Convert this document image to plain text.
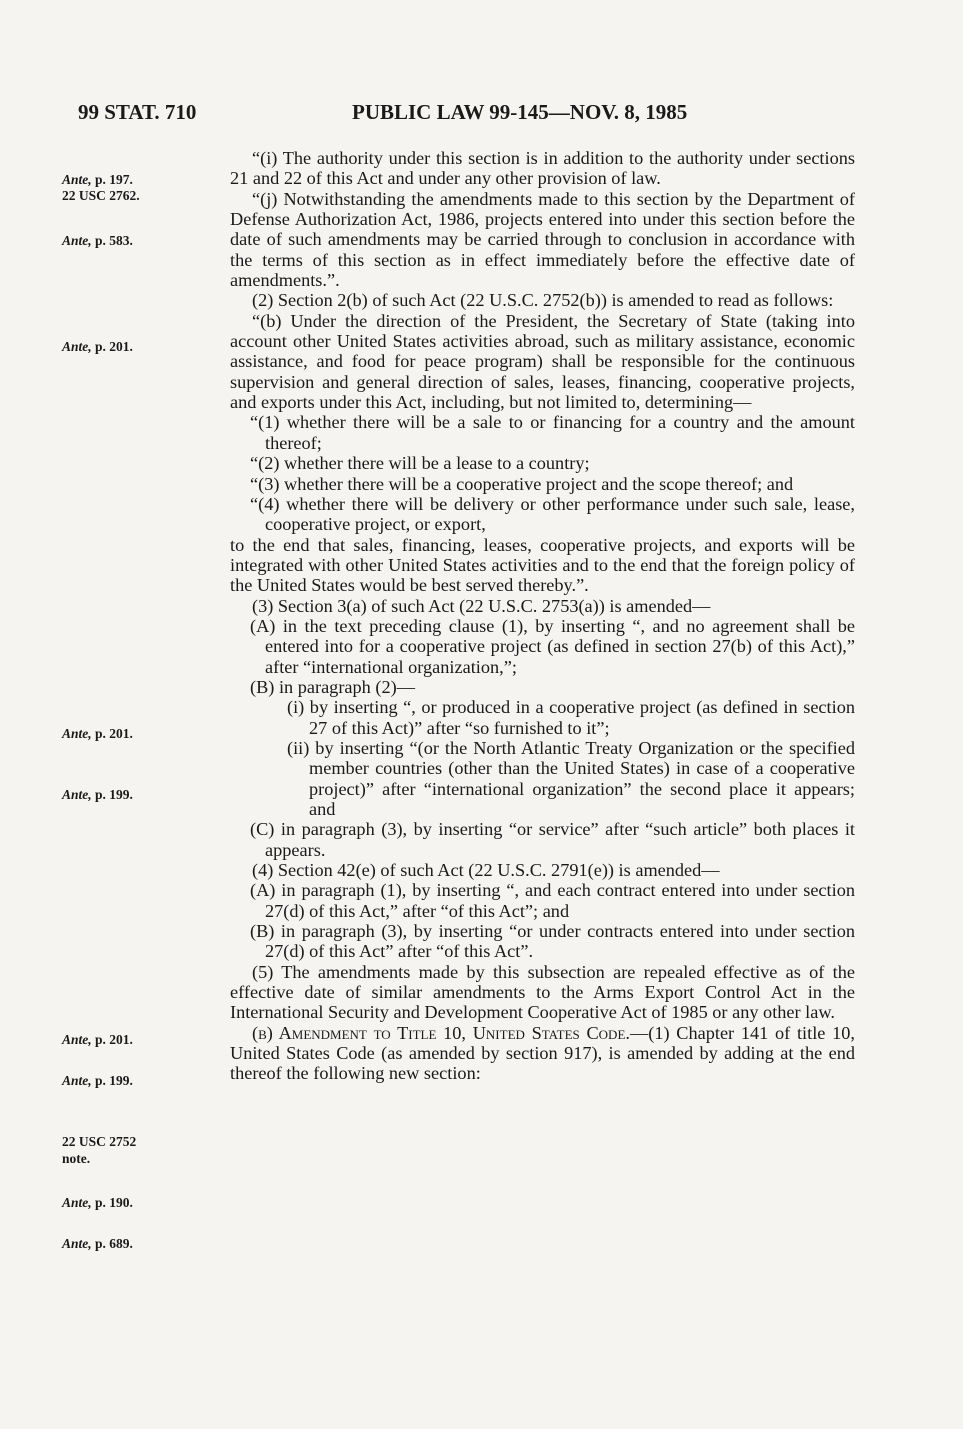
99 STAT. 710	PUBLIC LAW 99-145—NOV. 8, 1985
Ante, p. 197.
22 USC 2762.
Ante, p. 583.
Ante, p. 201.
Ante, p. 201.
Ante, p. 199.
Ante, p. 201.
Ante, p. 199.
22 USC 2752
note.
Ante, p. 190.
Ante, p. 689.

“(i) The authority under this section is in addition to the authority under sections 21 and 22 of this Act and under any other provision of law.

“(j) Notwithstanding the amendments made to this section by the Department of Defense Authorization Act, 1986, projects entered into under this section before the date of such amendments may be carried through to conclusion in accordance with the terms of this section as in effect immediately before the effective date of amendments.”.

(2) Section 2(b) of such Act (22 U.S.C. 2752(b)) is amended to read as follows:

“(b) Under the direction of the President, the Secretary of State (taking into account other United States activities abroad, such as military assistance, economic assistance, and food for peace program) shall be responsible for the continuous supervision and general direction of sales, leases, financing, cooperative projects, and exports under this Act, including, but not limited to, determining—

“(1) whether there will be a sale to or financing for a country and the amount thereof;

“(2) whether there will be a lease to a country;

“(3) whether there will be a cooperative project and the scope thereof; and

“(4) whether there will be delivery or other performance under such sale, lease, cooperative project, or export,

to the end that sales, financing, leases, cooperative projects, and exports will be integrated with other United States activities and to the end that the foreign policy of the United States would be best served thereby.”.

(3) Section 3(a) of such Act (22 U.S.C. 2753(a)) is amended—

(A) in the text preceding clause (1), by inserting “, and no agreement shall be entered into for a cooperative project (as defined in section 27(b) of this Act),” after “international organization,”;

(B) in paragraph (2)—

(i) by inserting “, or produced in a cooperative project (as defined in section 27 of this Act)” after “so furnished to it”;

(ii) by inserting “(or the North Atlantic Treaty Organization or the specified member countries (other than the United States) in case of a cooperative project)” after “international organization” the second place it appears; and

(C) in paragraph (3), by inserting “or service” after “such article” both places it appears.

(4) Section 42(e) of such Act (22 U.S.C. 2791(e)) is amended—

(A) in paragraph (1), by inserting “, and each contract entered into under section 27(d) of this Act,” after “of this Act”; and

(B) in paragraph (3), by inserting “or under contracts entered into under section 27(d) of this Act” after “of this Act”.

(5) The amendments made by this subsection are repealed effective as of the effective date of similar amendments to the Arms Export Control Act in the International Security and Development Cooperative Act of 1985 or any other law.

(b) Amendment to Title 10, United States Code.—(1) Chapter 141 of title 10, United States Code (as amended by section 917), is amended by adding at the end thereof the following new section:
